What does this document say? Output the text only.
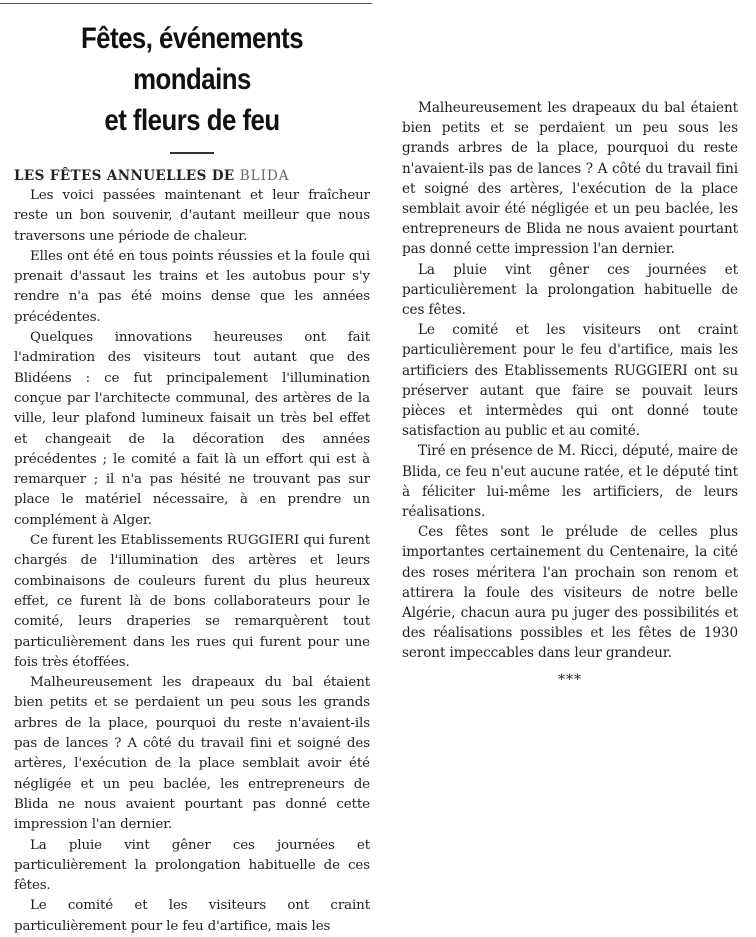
Fêtes, événements mondains
et fleurs de feu
LES FÊTES ANNUELLES DE BLIDA

Les voici passées maintenant et leur fraîcheur reste un bon souvenir, d'autant meilleur que nous traversons une période de chaleur.

Elles ont été en tous points réussies et la foule qui prenait d'assaut les trains et les autobus pour s'y rendre n'a pas été moins dense que les années précédentes.

Quelques innovations heureuses ont fait l'admiration des visiteurs tout autant que des Blidéens : ce fut principalement l'illumination conçue par l'architecte communal, des artères de la ville, leur plafond lumineux faisait un très bel effet et changeait de la décoration des années précédentes ; le comité a fait là un effort qui est à remarquer ; il n'a pas hésité ne trouvant pas sur place le matériel nécessaire, à en prendre un complément à Alger.

Ce furent les Etablissements RUGGIERI qui furent chargés de l'illumination des artères et leurs combinaisons de couleurs furent du plus heureux effet, ce furent là de bons collaborateurs pour le comité, leurs draperies se remarquèrent tout particulièrement dans les rues qui furent pour une fois très étoffées.

Malheureusement les drapeaux du bal étaient bien petits et se perdaient un peu sous les grands arbres de la place, pourquoi du reste n'avaient-ils pas de lances ? A côté du travail fini et soigné des artères, l'exécution de la place semblait avoir été négligée et un peu baclée, les entrepreneurs de Blida ne nous avaient pourtant pas donné cette impression l'an dernier.

La pluie vint gêner ces journées et particulièrement la prolongation habituelle de ces fêtes.

Le comité et les visiteurs ont craint particulièrement pour le feu d'artifice, mais les

Malheureusement les drapeaux du bal étaient bien petits et se perdaient un peu sous les grands arbres de la place, pourquoi du reste n'avaient-ils pas de lances ? A côté du travail fini et soigné des artères, l'exécution de la place semblait avoir été négligée et un peu baclée, les entrepreneurs de Blida ne nous avaient pourtant pas donné cette impression l'an dernier.

La pluie vint gêner ces journées et particulièrement la prolongation habituelle de ces fêtes.

Le comité et les visiteurs ont craint particulièrement pour le feu d'artifice, mais les artificiers des Etablissements RUGGIERI ont su préserver autant que faire se pouvait leurs pièces et intermèdes qui ont donné toute satisfaction au public et au comité.

Tiré en présence de M. Ricci, député, maire de Blida, ce feu n'eut aucune ratée, et le député tint à féliciter lui-même les artificiers, de leurs réalisations.

Ces fêtes sont le prélude de celles plus importantes certainement du Centenaire, la cité des roses méritera l'an prochain son renom et attirera la foule des visiteurs de notre belle Algérie, chacun aura pu juger des possibilités et des réalisations possibles et les fêtes de 1930 seront impeccables dans leur grandeur.

***
